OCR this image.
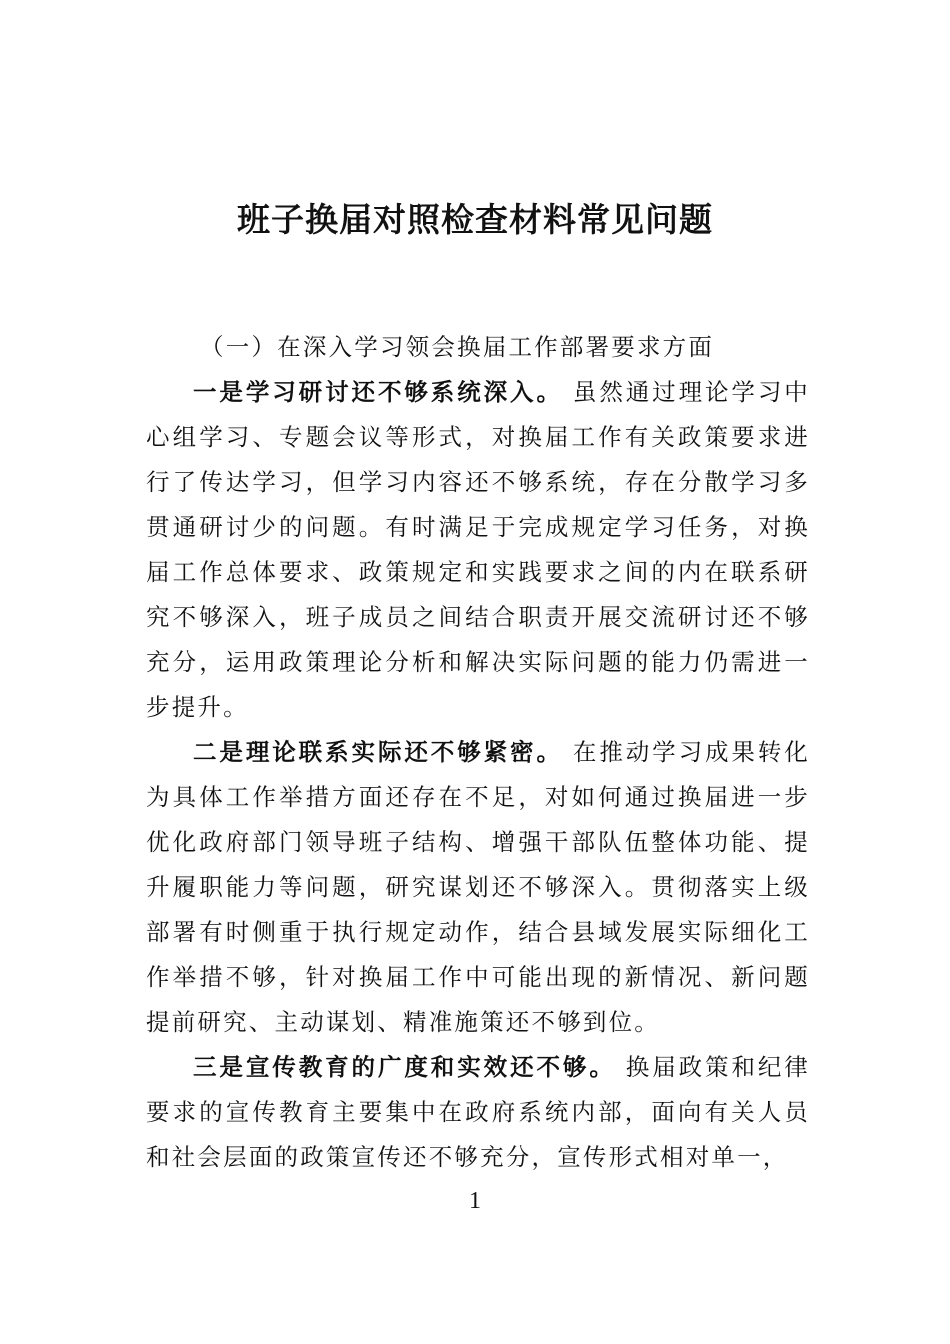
班子换届对照检查材料常见问题

（一）在深入学习领会换届工作部署要求方面

一是学习研讨还不够系统深入。 虽然通过理论学习中心组学习、专题会议等形式，对换届工作有关政策要求进行了传达学习，但学习内容还不够系统，存在分散学习多贯通研讨少的问题。有时满足于完成规定学习任务，对换届工作总体要求、政策规定和实践要求之间的内在联系研究不够深入，班子成员之间结合职责开展交流研讨还不够充分，运用政策理论分析和解决实际问题的能力仍需进一步提升。

二是理论联系实际还不够紧密。 在推动学习成果转化为具体工作举措方面还存在不足，对如何通过换届进一步优化政府部门领导班子结构、增强干部队伍整体功能、提升履职能力等问题，研究谋划还不够深入。贯彻落实上级部署有时侧重于执行规定动作，结合县域发展实际细化工作举措不够，针对换届工作中可能出现的新情况、新问题提前研究、主动谋划、精准施策还不够到位。

三是宣传教育的广度和实效还不够。 换届政策和纪律要求的宣传教育主要集中在政府系统内部，面向有关人员和社会层面的政策宣传还不够充分，宣传形式相对单一，

1
